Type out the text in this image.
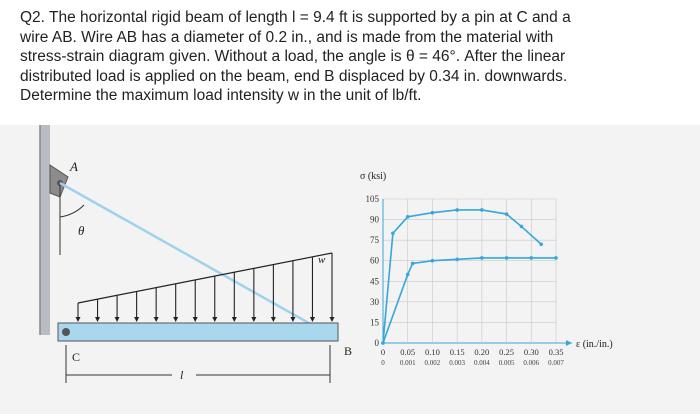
Q2. The horizontal rigid beam of length l = 9.4 ft is supported by a pin at C and a
wire AB. Wire AB has a diameter of 0.2 in., and is made from the material with
stress-strain diagram given. Without a load, the angle is θ = 46°. After the linear
distributed load is applied on the beam, end B displaced by 0.34 in. downwards.
Determine the maximum load intensity w in the unit of lb/ft.
A
θ
w
B
C
l
σ (ksi)
0
15
30
45
60
75
90
105
0 0.05 0.10 0.15 0.20 0.25 0.30 0.35
0 0.001 0.002 0.003 0.004 0.005 0.006 0.007
ε (in./in.)
